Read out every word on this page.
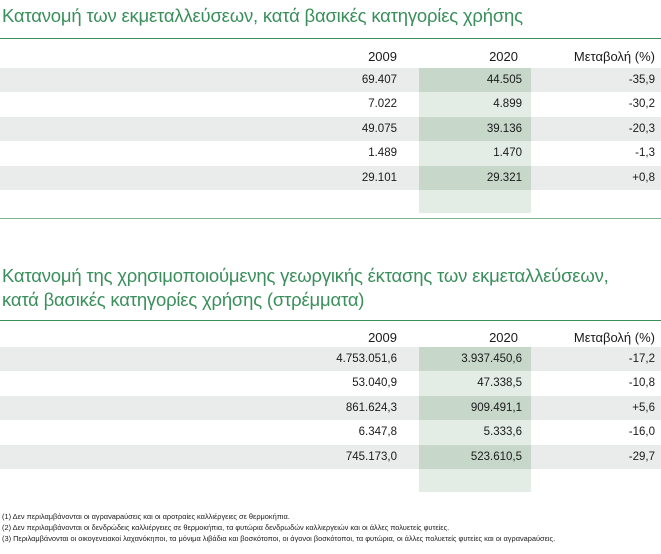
Κατανομή των εκμεταλλεύσεων, κατά βασικές κατηγορίες χρήσης
2009	2020	Μεταβολή (%)
69.407	44.505	-35,9
7.022	4.899	-30,2
49.075	39.136	-20,3
1.489	1.470	-1,3
29.101	29.321	+0,8
Κατανομή της χρησιμοποιούμενης γεωργικής έκτασης των εκμεταλλεύσεων,
κατά βασικές κατηγορίες χρήσης (στρέμματα)
2009	2020	Μεταβολή (%)
4.753.051,6	3.937.450,6	-17,2
53.040,9	47.338,5	-10,8
861.624,3	909.491,1	+5,6
6.347,8	5.333,6	-16,0
745.173,0	523.610,5	-29,7
(1) Δεν περιλαμβάνονται οι αγρανapaύσεις και οι αροτραίες καλλιέργειες σε θερμοκήπια.
(2) Δεν περιλαμβάνονται οι δενδρώδεις καλλιέργειες σε θερμοκήπια, τα φυτώρια δενδρωδών καλλιεργειών και οι άλλες πολυετείς φυτείες.
(3) Περιλαμβάνονται οι οικογενειακοί λαχανόκηποι, τα μόνιμα λιβάδια και βοσκότοποι, οι άγονοι βοσκότοποι, τα φυτώρια, οι άλλες πολυετείς φυτείες και οι αγρανapaύσεις.
